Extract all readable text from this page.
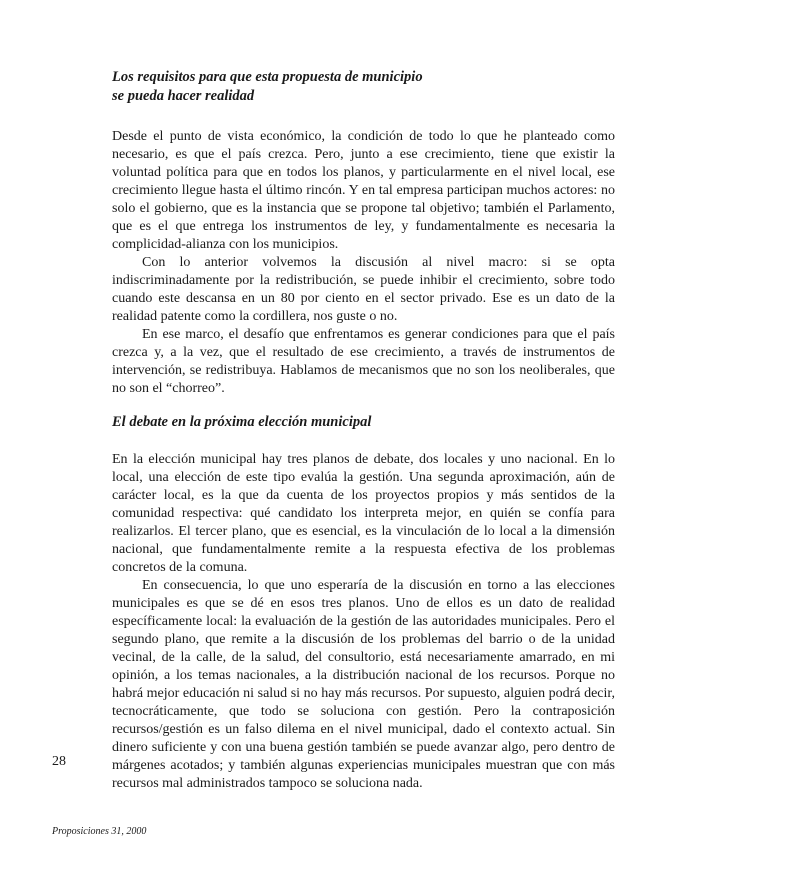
Los requisitos para que esta propuesta de municipio
se pueda hacer realidad

Desde el punto de vista económico, la condición de todo lo que he planteado como necesario, es que el país crezca. Pero, junto a ese crecimiento, tiene que existir la voluntad política para que en todos los planos, y particularmente en el nivel local, ese crecimiento llegue hasta el último rincón. Y en tal empresa participan muchos actores: no solo el gobierno, que es la instancia que se propone tal objetivo; también el Parlamento, que es el que entrega los instrumentos de ley, y fundamentalmente es necesaria la complicidad-alianza con los municipios.

Con lo anterior volvemos la discusión al nivel macro: si se opta indiscriminadamente por la redistribución, se puede inhibir el crecimiento, sobre todo cuando este descansa en un 80 por ciento en el sector privado. Ese es un dato de la realidad patente como la cordillera, nos guste o no.

En ese marco, el desafío que enfrentamos es generar condiciones para que el país crezca y, a la vez, que el resultado de ese crecimiento, a través de instrumentos de intervención, se redistribuya. Hablamos de mecanismos que no son los neoliberales, que no son el “chorreo”.

El debate en la próxima elección municipal

En la elección municipal hay tres planos de debate, dos locales y uno nacional. En lo local, una elección de este tipo evalúa la gestión. Una segunda aproximación, aún de carácter local, es la que da cuenta de los proyectos propios y más sentidos de la comunidad respectiva: qué candidato los interpreta mejor, en quién se confía para realizarlos. El tercer plano, que es esencial, es la vinculación de lo local a la dimensión nacional, que fundamentalmente remite a la respuesta efectiva de los problemas concretos de la comuna.

En consecuencia, lo que uno esperaría de la discusión en torno a las elecciones municipales es que se dé en esos tres planos. Uno de ellos es un dato de realidad específicamente local: la evaluación de la gestión de las autoridades municipales. Pero el segundo plano, que remite a la discusión de los problemas del barrio o de la unidad vecinal, de la calle, de la salud, del consultorio, está necesariamente amarrado, en mi opinión, a los temas nacionales, a la distribución nacional de los recursos. Porque no habrá mejor educación ni salud si no hay más recursos. Por supuesto, alguien podrá decir, tecnocráticamente, que todo se soluciona con gestión. Pero la contraposición recursos/gestión es un falso dilema en el nivel municipal, dado el contexto actual. Sin dinero suficiente y con una buena gestión también se puede avanzar algo, pero dentro de márgenes acotados; y también algunas experiencias municipales muestran que con más recursos mal administrados tampoco se soluciona nada.

28
Proposiciones 31, 2000
